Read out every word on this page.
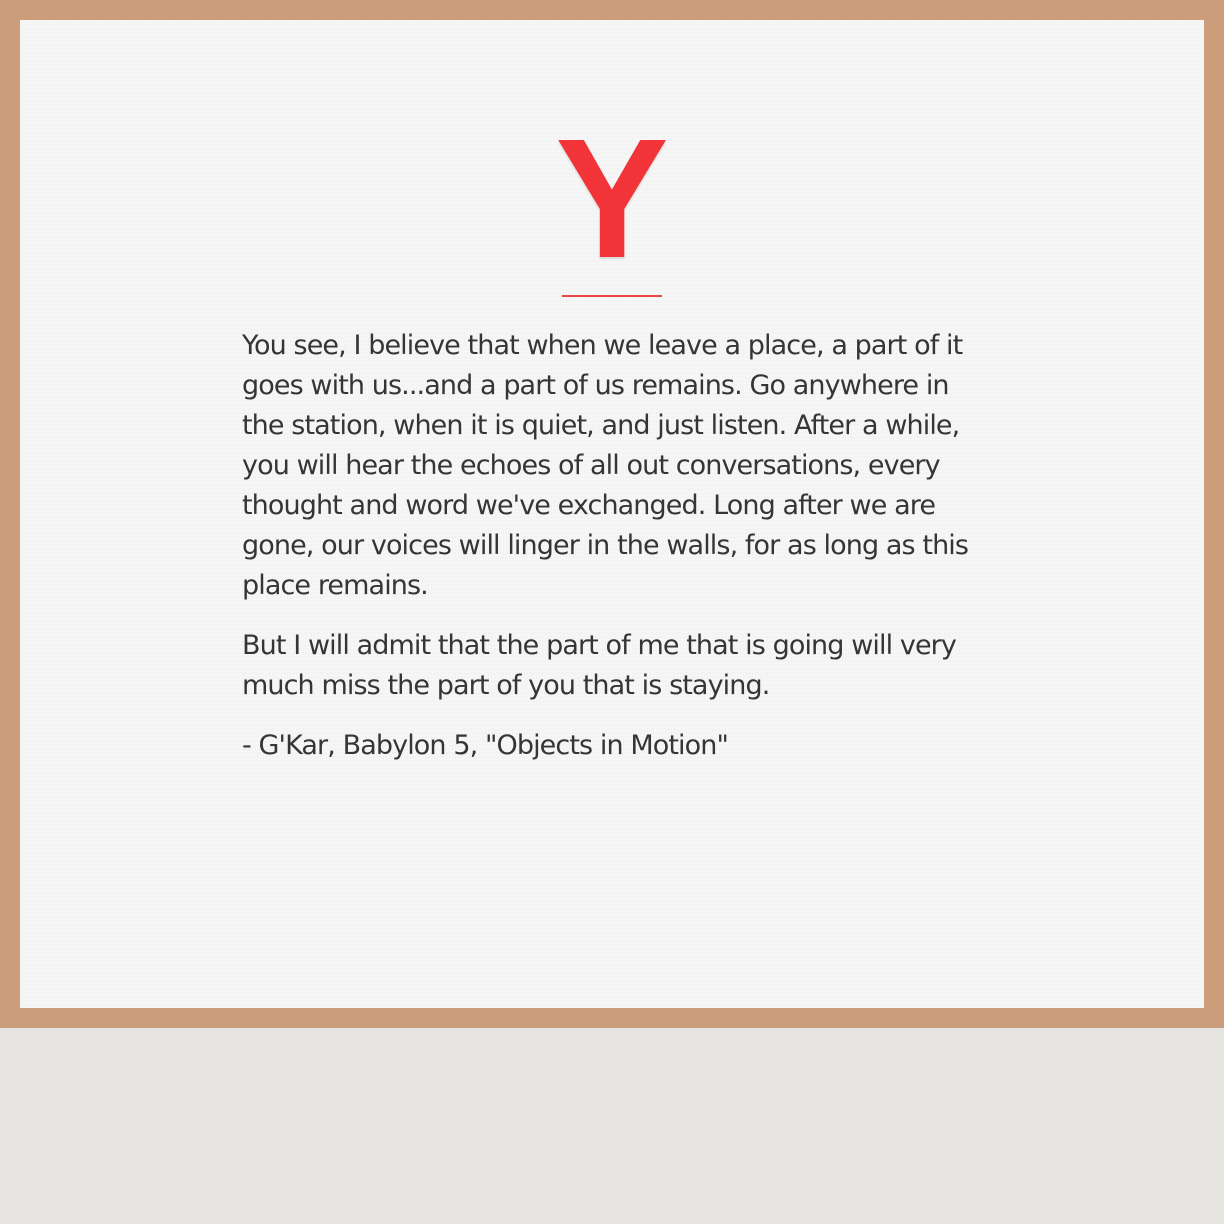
Y

You see, I believe that when we leave a place, a part of it goes with us...and a part of us remains. Go anywhere in the station, when it is quiet, and just listen. After a while, you will hear the echoes of all out conversations, every thought and word we've exchanged. Long after we are gone, our voices will linger in the walls, for as long as this place remains.

But I will admit that the part of me that is going will very much miss the part of you that is staying.

- G'Kar, Babylon 5, "Objects in Motion"
